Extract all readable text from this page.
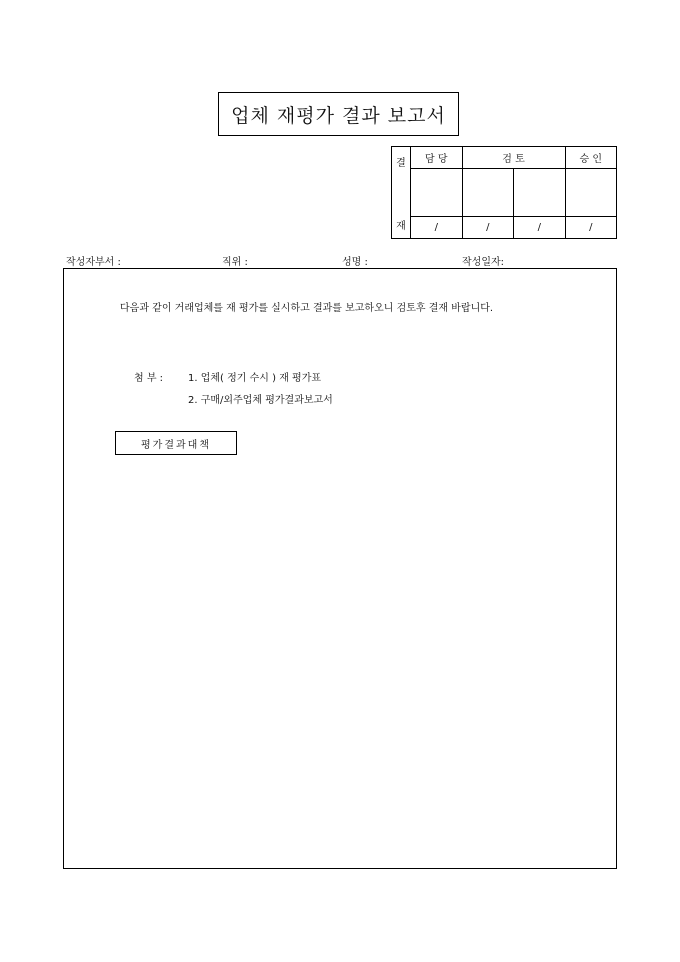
업체 재평가 결과 보고서
결
재	담 당	검 토		승 인

	/	/	/	/
작성자부서 :	직위 :	성명 :	작성일자:
다음과 같이 거래업체를 재 평가를 실시하고 결과를 보고하오니 검토후 결재 바랍니다.
첨 부 : 1. 업체( 정기 수시 ) 재 평가표
2. 구매/외주업체 평가결과보고서
평가결과대책
